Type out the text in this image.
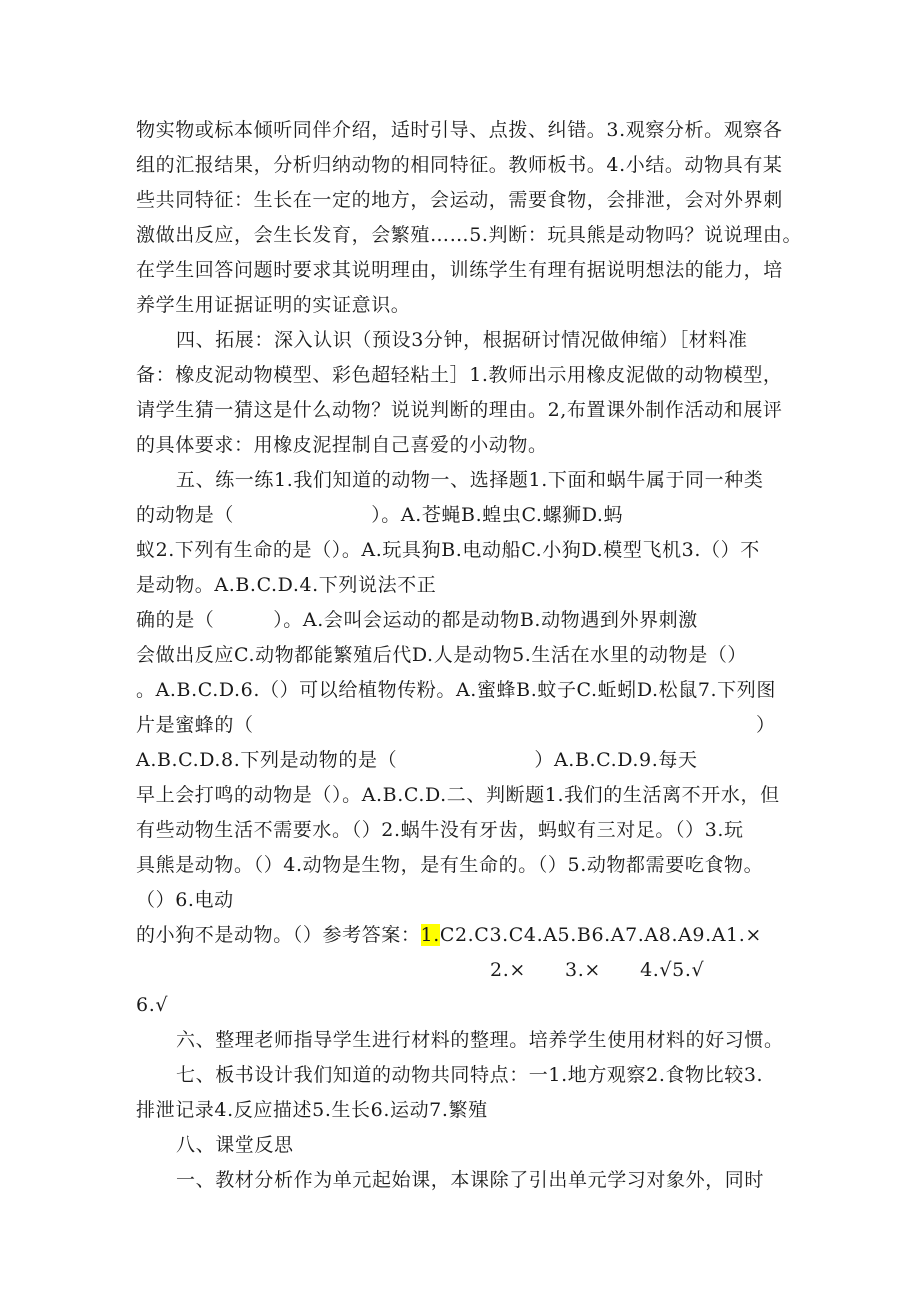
物实物或标本倾听同伴介绍，适时引导、点拨、纠错。3.观察分析。观察各
组的汇报结果，分析归纳动物的相同特征。教师板书。4.小结。动物具有某
些共同特征：生长在一定的地方，会运动，需要食物，会排泄，会对外界刺
激做出反应，会生长发育，会繁殖……5.判断：玩具熊是动物吗？说说理由。
在学生回答问题时要求其说明理由，训练学生有理有据说明想法的能力，培
养学生用证据证明的实证意识。
四、拓展：深入认识（预设3分钟，根据研讨情况做伸缩）［材料准
备：橡皮泥动物模型、彩色超轻粘土］1.教师出示用橡皮泥做的动物模型，
请学生猜一猜这是什么动物？说说判断的理由。2,布置课外制作活动和展评
的具体要求：用橡皮泥捏制自己喜爱的小动物。
五、练一练1.我们知道的动物一、选择题1.下面和蜗牛属于同一种类
的动物是（　　　　　　　）。A.苍蝇B.蝗虫C.螺狮D.蚂
蚁2.下列有生命的是（）。A.玩具狗B.电动船C.小狗D.模型飞机3.（）不
是动物。A.B.C.D.4.下列说法不正
确的是（　　　）。A.会叫会运动的都是动物B.动物遇到外界刺激
会做出反应C.动物都能繁殖后代D.人是动物5.生活在水里的动物是（）
。A.B.C.D.6.（）可以给植物传粉。A.蜜蜂B.蚊子C.蚯蚓D.松鼠7.下列图
片是蜜蜂的（	）
A.B.C.D.8.下列是动物的是（　　　　　　　）A.B.C.D.9.每天
早上会打鸣的动物是（）。A.B.C.D.二、判断题1.我们的生活离不开水，但
有些动物生活不需要水。（）2.蜗牛没有牙齿，蚂蚁有三对足。（）3.玩
具熊是动物。（）4.动物是生物，是有生命的。（）5.动物都需要吃食物。
（）6.电动
的小狗不是动物。（）参考答案：1.C2.C3.C4.A5.B6.A7.A8.A9.A1.×
2.×　　3.×　　4.√5.√
6.√
六、整理老师指导学生进行材料的整理。培养学生使用材料的好习惯。
七、板书设计我们知道的动物共同特点：一1.地方观察2.食物比较3.
排泄记录4.反应描述5.生长6.运动7.繁殖
八、课堂反思
一、教材分析作为单元起始课，本课除了引出单元学习对象外，同时
